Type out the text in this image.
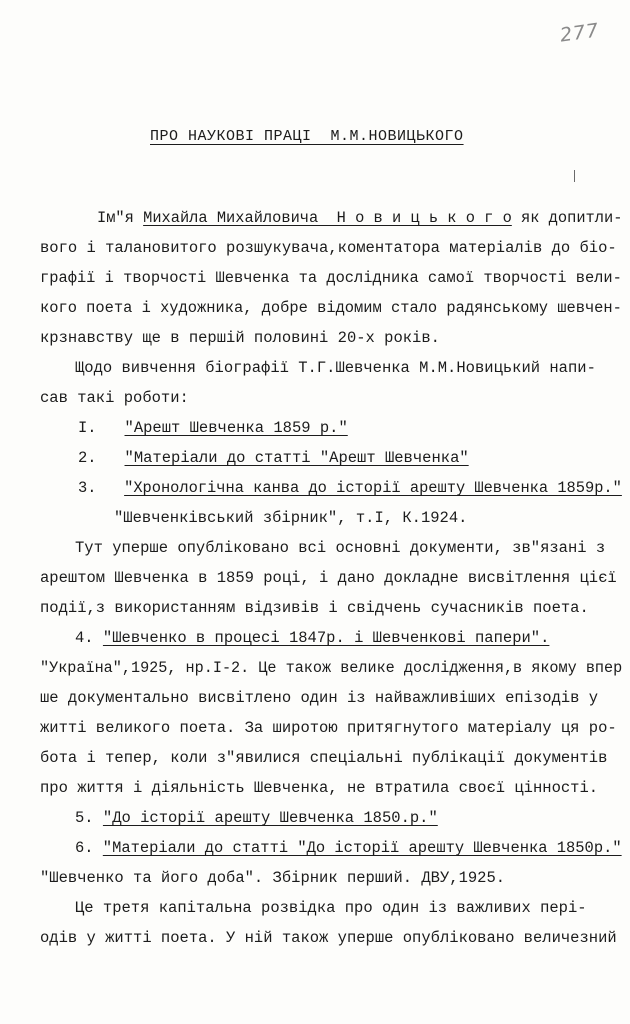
277
ПРО НАУКОВІ ПРАЦІ  М.М.НОВИЦЬКОГО
Ім"я Михайла Михайловича  Н о в и ц ь к о г о як допитли-
вого і талановитого розшукувача,коментатора матеріалів до біо-
графії і творчості Шевченка та дослідника самої творчості вели-
кого поета і художника, добре відомим стало радянському шевчен-
крзнавству ще в першій половині 20-х років.
Щодо вивчення біографії Т.Г.Шевченка М.М.Новицький напи-
сав такі роботи:
I. "Арешт Шевченка 1859 р."
2. "Матеріали до статті "Арешт Шевченка"
3. "Хронологічна канва до історії арешту Шевченка 1859р."
"Шевченківський збірник", т.І, К.1924.
Тут уперше опубліковано всі основні документи, зв"язані з
арештом Шевченка в 1859 році, і дано докладне висвітлення цієї
події,з використанням відзивів і свідчень сучасників поета.
4. "Шевченко в процесі 1847р. і Шевченкові папери".
"Україна",1925, нр.І-2. Це також велике дослідження,в якому впер
ше документально висвітлено один із найважливіших епізодів у
житті великого поета. За широтою притягнутого матеріалу ця ро-
бота і тепер, коли з"явилися спеціальні публікації документів
про життя і діяльність Шевченка, не втратила своєї цінності.
5. "До історії арешту Шевченка 1850.р."
6. "Матеріали до статті "До історії арешту Шевченка 1850р."
"Шевченко та його доба". Збірник перший. ДВУ,1925.
Це третя капітальна розвідка про один із важливих пері-
одів у житті поета. У ній також уперше опубліковано величезний
